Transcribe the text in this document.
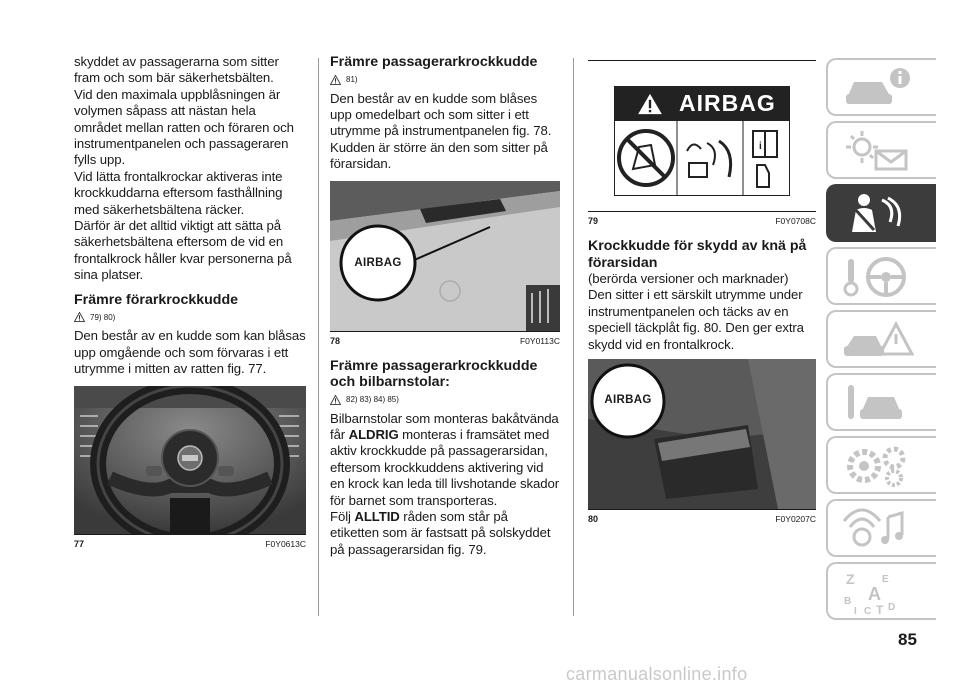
skyddet av passagerarna som sitter fram och som bär säkerhetsbälten.

Vid den maximala uppblåsningen är volymen såpass att nästan hela området mellan ratten och föraren och instrumentpanelen och passageraren fylls upp.

Vid lätta frontalkrockar aktiveras inte krockkuddarna eftersom fasthållning med säkerhetsbältena räcker.

Därför är det alltid viktigt att sätta på säkerhetsbältena eftersom de vid en frontalkrock håller kvar personerna på sina platser.

Främre förarkrockkudde
79) 80)

Den består av en kudde som kan blåsas upp omgående och som förvaras i ett utrymme i mitten av ratten fig. 77.

77	F0Y0613C
Främre passagerarkrockkudde
81)

Den består av en kudde som blåses upp omedelbart och som sitter i ett utrymme på instrumentpanelen fig. 78. Kudden är större än den som sitter på förarsidan.

AIRBAG
78	F0Y0113C
Främre passagerarkrockkudde och bilbarnstolar:
82) 83) 84) 85)

Bilbarnstolar som monteras bakåtvända får ALDRIG monteras i framsätet med aktiv krockkudde på passagerarsidan, eftersom krockkuddens aktivering vid en krock kan leda till livshotande skador för barnet som transporteras.

Följ ALLTID råden som står på etiketten som är fastsatt på solskyddet på passagerarsidan fig. 79.

AIRBAG
i
79	F0Y0708C
Krockkudde för skydd av knä på förarsidan

(berörda versioner och marknader)

Den sitter i ett särskilt utrymme under instrumentpanelen och täcks av en speciell täckplåt fig. 80. Den ger extra skydd vid en frontalkrock.

AIRBAG
80	F0Y0207C
Z	E
B A
I C D
T
85
carmanualsonline.info
